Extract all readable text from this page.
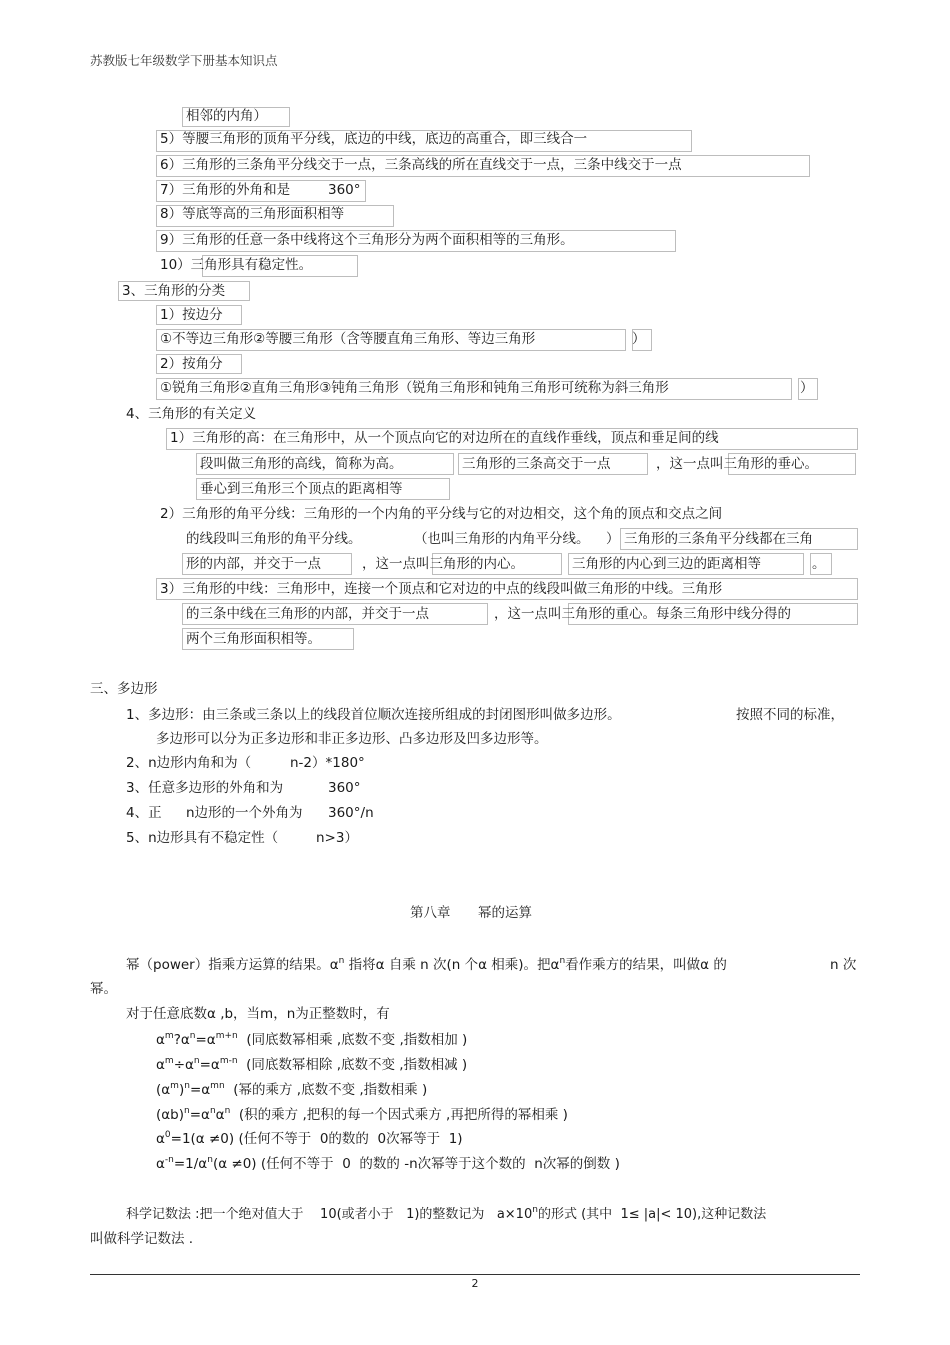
苏教版七年级数学下册基本知识点
相邻的内角）
5）等腰三角形的顶角平分线，底边的中线，底边的高重合，即三线合一
6）三角形的三条角平分线交于一点，三条高线的所在直线交于一点，三条中线交于一点
7）三角形的外角和是	360°
8）等底等高的三角形面积相等
9）三角形的任意一条中线将这个三角形分为两个面积相等的三角形。
10）三角形具有稳定性。
3、三角形的分类
1）按边分
①不等边三角形②等腰三角形（含等腰直角三角形、等边三角形	）
2）按角分
①锐角三角形②直角三角形③钝角三角形（锐角三角形和钝角三角形可统称为斜三角形	）
4、三角形的有关定义
1）三角形的高：在三角形中，从一个顶点向它的对边所在的直线作垂线，顶点和垂足间的线
段叫做三角形的高线，简称为高。	三角形的三条高交于一点	，这一点叫三角形的垂心。
垂心到三角形三个顶点的距离相等
2）三角形的角平分线：三角形的一个内角的平分线与它的对边相交，这个角的顶点和交点之间
的线段叫三角形的角平分线。	（也叫三角形的内角平分线。 ） 三角形的三条角平分线都在三角
形的内部，并交于一点	，这一点叫三角形的内心。	三角形的内心到三边的距离相等	。
3）三角形的中线：三角形中，连接一个顶点和它对边的中点的线段叫做三角形的中线。三角形
的三条中线在三角形的内部，并交于一点	，这一点叫三角形的重心。每条三角形中线分得的
两个三角形面积相等。
三、多边形
1、多边形：由三条或三条以上的线段首位顺次连接所组成的封闭图形叫做多边形。	按照不同的标准，
多边形可以分为正多边形和非正多边形、凸多边形及凹多边形等。
2、n边形内角和为（	n-2）*180°
3、任意多边形的外角和为	360°
4、正 n边形的一个外角为 360°/n
5、n边形具有不稳定性（	n>3）
第八章 幂的运算
幂（power）指乘方运算的结果。$\alpha^n$ 指将α 自乘 n 次(n 个α 相乘)。把$\alpha^n$看作乘方的结果，叫做α 的	n 次
幂。
对于任意底数α ,b，当m，n为正整数时，有
$\alpha^m?\alpha^n=\alpha^{m+n}$ (同底数幂相乘 ,底数不变 ,指数相加 )
$\alpha^m\div\alpha^n=\alpha^{m-n}$ (同底数幂相除 ,底数不变 ,指数相减 )
$(\alpha^m)^n=\alpha^{mn}$ (幂的乘方 ,底数不变 ,指数相乘 )
$(\alpha b)^n=\alpha^n\alpha^n$ (积的乘方 ,把积的每一个因式乘方 ,再把所得的幂相乘 )
$\alpha^0=1(\alpha \ne 0)$ (任何不等于 0的数的 0次幂等于 1)
$\alpha^{-n}=1/\alpha^n(\alpha \ne 0)$ (任何不等于 0 的数的 -n次幂等于这个数的 n次幂的倒数 )
科学记数法 :把一个绝对值大于 10(或者小于 1)的整数记为 $a\times 10^n$的形式 (其中 1≤ |a|< 10),这种记数法
叫做科学记数法 .
2
